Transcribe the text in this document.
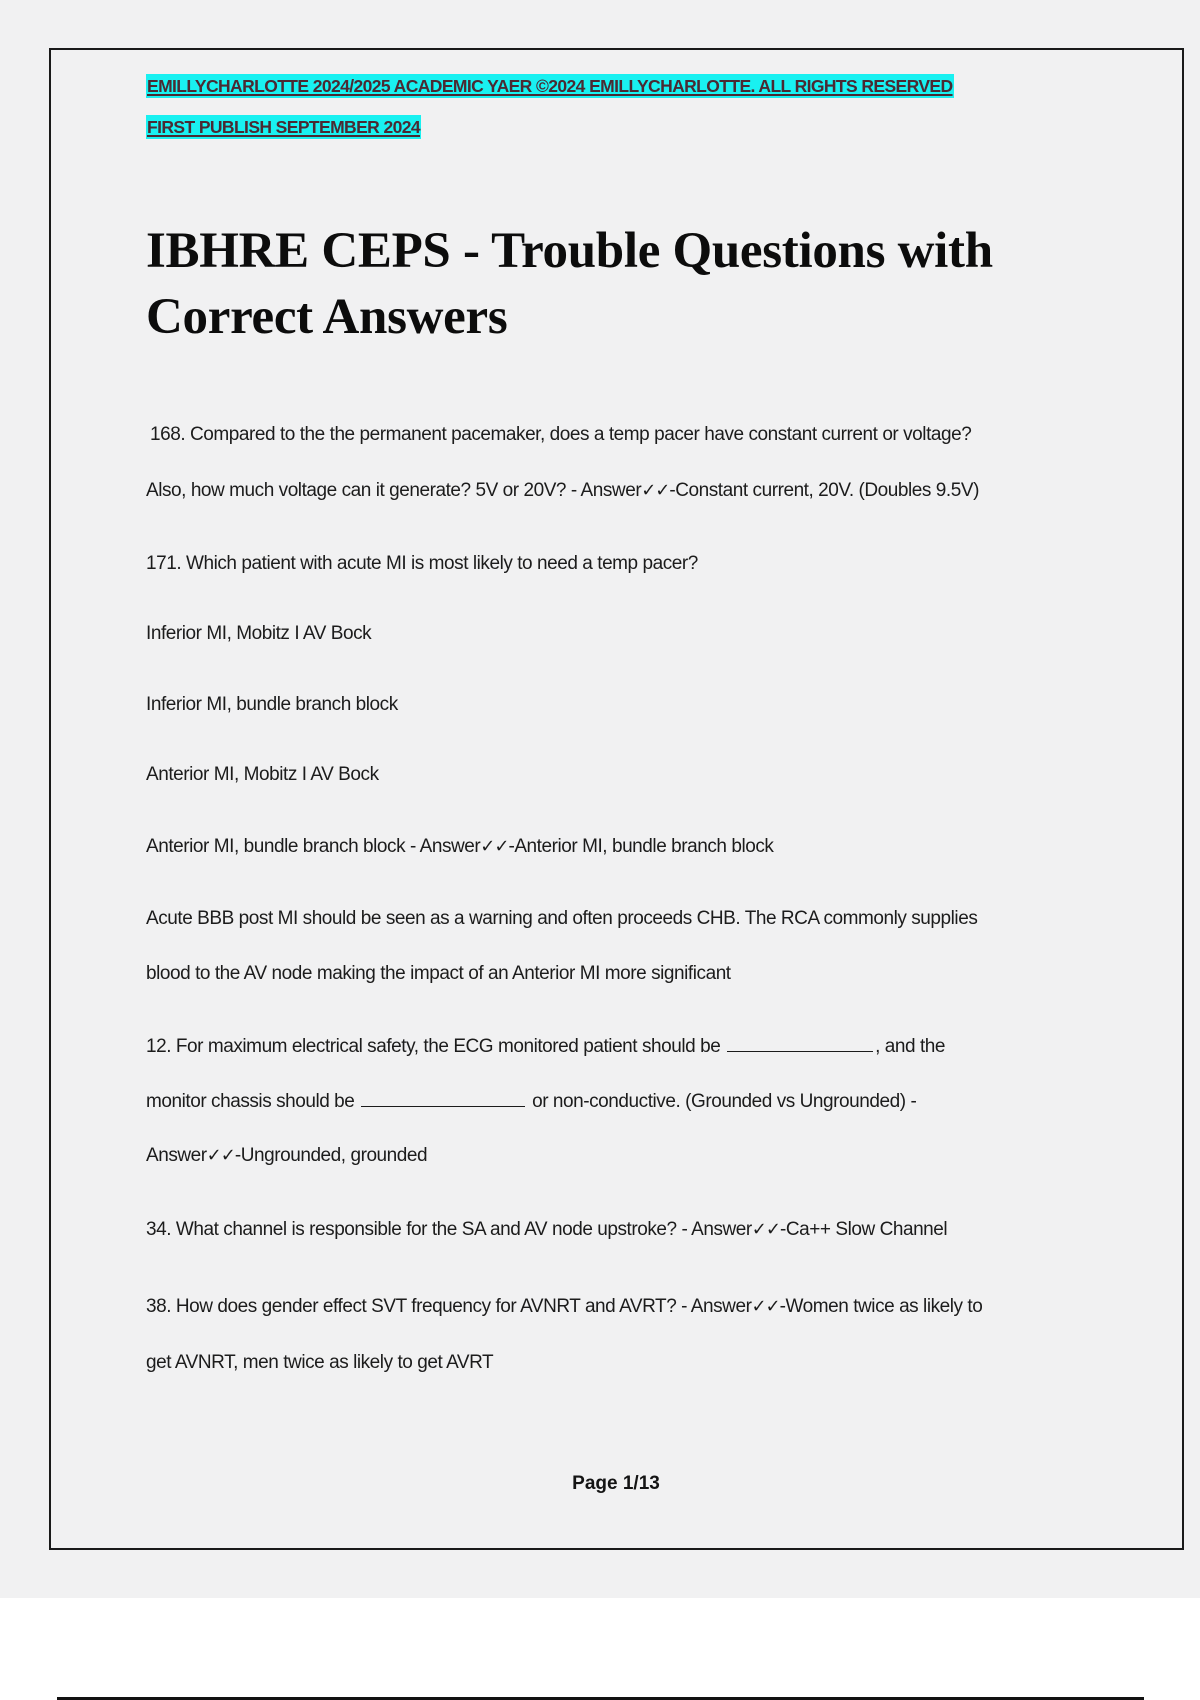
EMILLYCHARLOTTE 2024/2025 ACADEMIC YAER ©2024 EMILLYCHARLOTTE. ALL RIGHTS RESERVED
FIRST PUBLISH SEPTEMBER 2024
IBHRE CEPS - Trouble Questions with Correct Answers
168. Compared to the the permanent pacemaker, does a temp pacer have constant current or voltage?
Also, how much voltage can it generate? 5V or 20V? - Answer✓✓-Constant current, 20V. (Doubles 9.5V)
171. Which patient with acute MI is most likely to need a temp pacer?
Inferior MI, Mobitz I AV Bock
Inferior MI, bundle branch block
Anterior MI, Mobitz I AV Bock
Anterior MI, bundle branch block - Answer✓✓-Anterior MI, bundle branch block
Acute BBB post MI should be seen as a warning and often proceeds CHB. The RCA commonly supplies
blood to the AV node making the impact of an Anterior MI more significant
12. For maximum electrical safety, the ECG monitored patient should be	, and the
monitor chassis should be	or non-conductive. (Grounded vs Ungrounded) -
Answer✓✓-Ungrounded, grounded
34. What channel is responsible for the SA and AV node upstroke? - Answer✓✓-Ca++ Slow Channel
38. How does gender effect SVT frequency for AVNRT and AVRT? - Answer✓✓-Women twice as likely to
get AVNRT, men twice as likely to get AVRT
Page 1/13
